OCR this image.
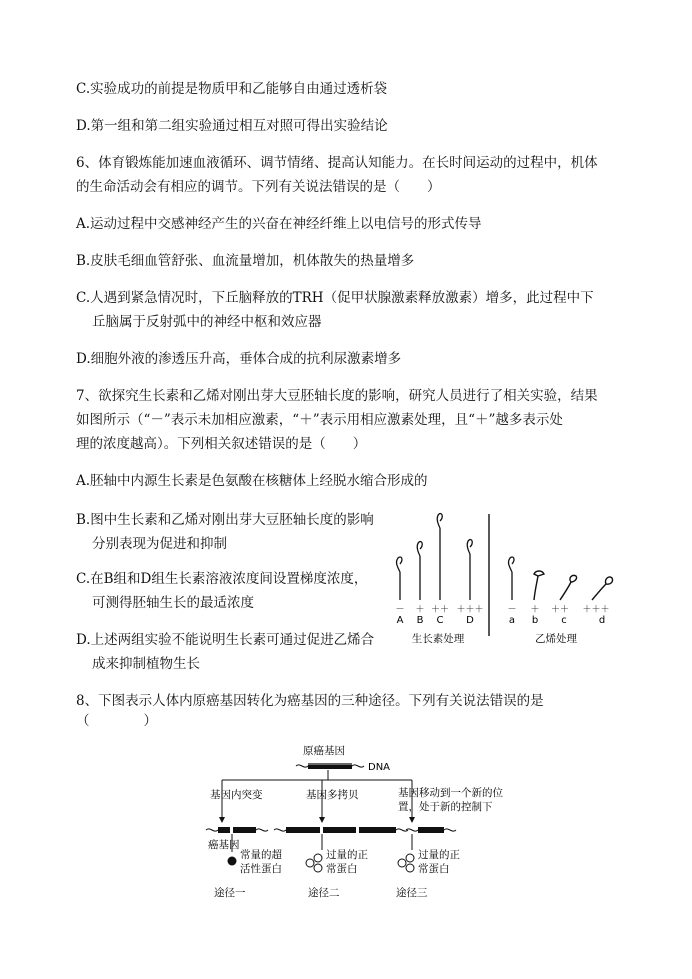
C.实验成功的前提是物质甲和乙能够自由通过透析袋
D.第一组和第二组实验通过相互对照可得出实验结论
6、体育锻炼能加速血液循环、调节情绪、提高认知能力。在长时间运动的过程中，机体
的生命活动会有相应的调节。下列有关说法错误的是（　　）
A.运动过程中交感神经产生的兴奋在神经纤维上以电信号的形式传导
B.皮肤毛细血管舒张、血流量增加，机体散失的热量增多
C.人遇到紧急情况时，下丘脑释放的TRH（促甲状腺激素释放激素）增多，此过程中下
丘脑属于反射弧中的神经中枢和效应器
D.细胞外液的渗透压升高，垂体合成的抗利尿激素增多
7、欲探究生长素和乙烯对刚出芽大豆胚轴长度的影响，研究人员进行了相关实验，结果
如图所示（“－”表示未加相应激素，“＋”表示用相应激素处理，且“＋”越多表示处
理的浓度越高）。下列相关叙述错误的是（　　）
A.胚轴中内源生长素是色氨酸在核糖体上经脱水缩合形成的
B.图中生长素和乙烯对刚出芽大豆胚轴长度的影响
分别表现为促进和抑制
C.在B组和D组生长素溶液浓度间设置梯度浓度，
可测得胚轴生长的最适浓度
D.上述两组实验不能说明生长素可通过促进乙烯合
成来抑制植物生长
8、下图表示人体内原癌基因转化为癌基因的三种途径。下列有关说法错误的是
（　　　　）
－ ＋ ＋＋ ＋＋＋	－ ＋ ＋＋ ＋＋＋
A B C D	a b c	d
生长素处理	乙烯处理
原癌基因
DNA
基因内突变	基因多拷贝	基因移动到一个新的位
置，处于新的控制下
癌基因
常量的超
活性蛋白
过量的正
常蛋白
过量的正
常蛋白
途径一	途径二	途径三
